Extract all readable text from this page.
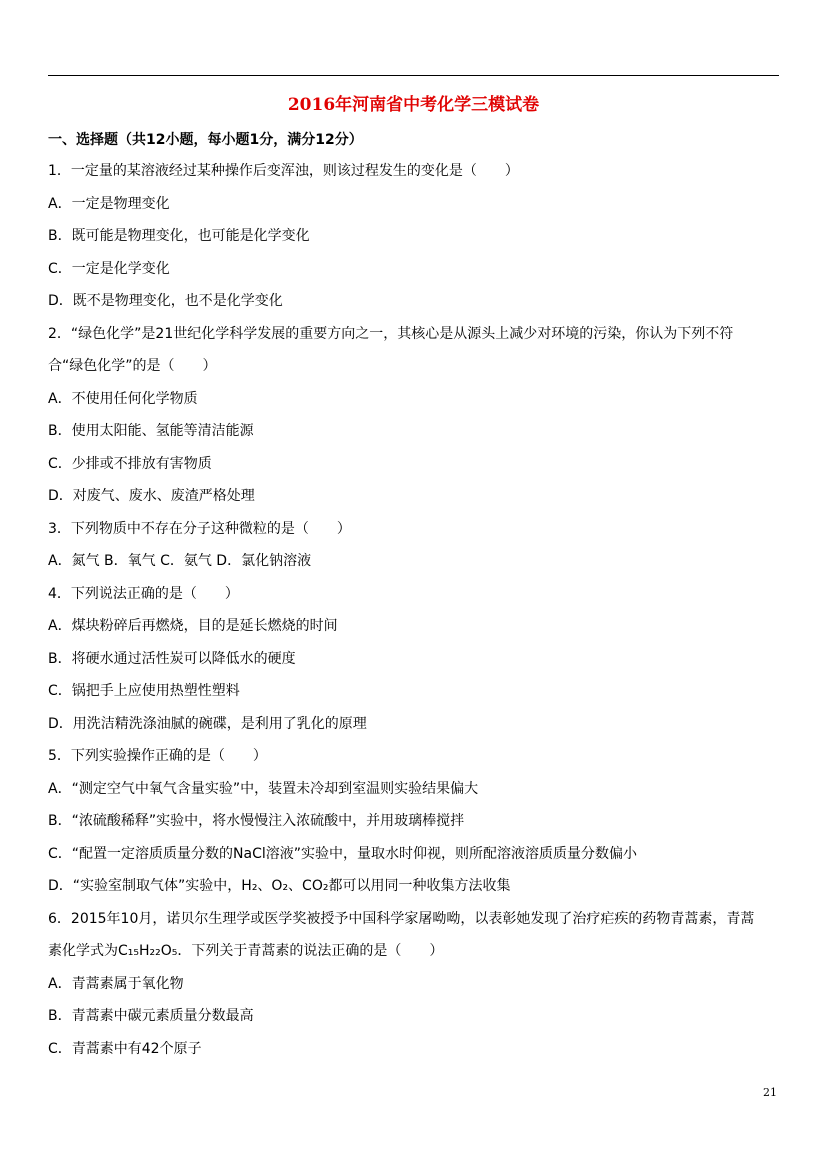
2016年河南省中考化学三模试卷
一、选择题（共12小题，每小题1分，满分12分）
1．一定量的某溶液经过某种操作后变浑浊，则该过程发生的变化是（　　）
A．一定是物理变化
B．既可能是物理变化，也可能是化学变化
C．一定是化学变化
D．既不是物理变化，也不是化学变化
2．“绿色化学”是21世纪化学科学发展的重要方向之一，其核心是从源头上减少对环境的污染，你认为下列不符
合“绿色化学”的是（　　）
A．不使用任何化学物质
B．使用太阳能、氢能等清洁能源
C．少排或不排放有害物质
D．对废气、废水、废渣严格处理
3．下列物质中不存在分子这种微粒的是（　　）
A．氮气 B．氧气 C．氨气 D．氯化钠溶液
4．下列说法正确的是（　　）
A．煤块粉碎后再燃烧，目的是延长燃烧的时间
B．将硬水通过活性炭可以降低水的硬度
C．锅把手上应使用热塑性塑料
D．用洗洁精洗涤油腻的碗碟，是利用了乳化的原理
5．下列实验操作正确的是（　　）
A．“测定空气中氧气含量实验”中，装置未冷却到室温则实验结果偏大
B．“浓硫酸稀释”实验中，将水慢慢注入浓硫酸中，并用玻璃棒搅拌
C．“配置一定溶质质量分数的NaCl溶液”实验中，量取水时仰视，则所配溶液溶质质量分数偏小
D．“实验室制取气体”实验中，H₂、O₂、CO₂都可以用同一种收集方法收集
6．2015年10月，诺贝尔生理学或医学奖被授予中国科学家屠呦呦，以表彰她发现了治疗疟疾的药物青蒿素，青蒿
素化学式为C₁₅H₂₂O₅．下列关于青蒿素的说法正确的是（　　）
A．青蒿素属于氧化物
B．青蒿素中碳元素质量分数最高
C．青蒿素中有42个原子
21
